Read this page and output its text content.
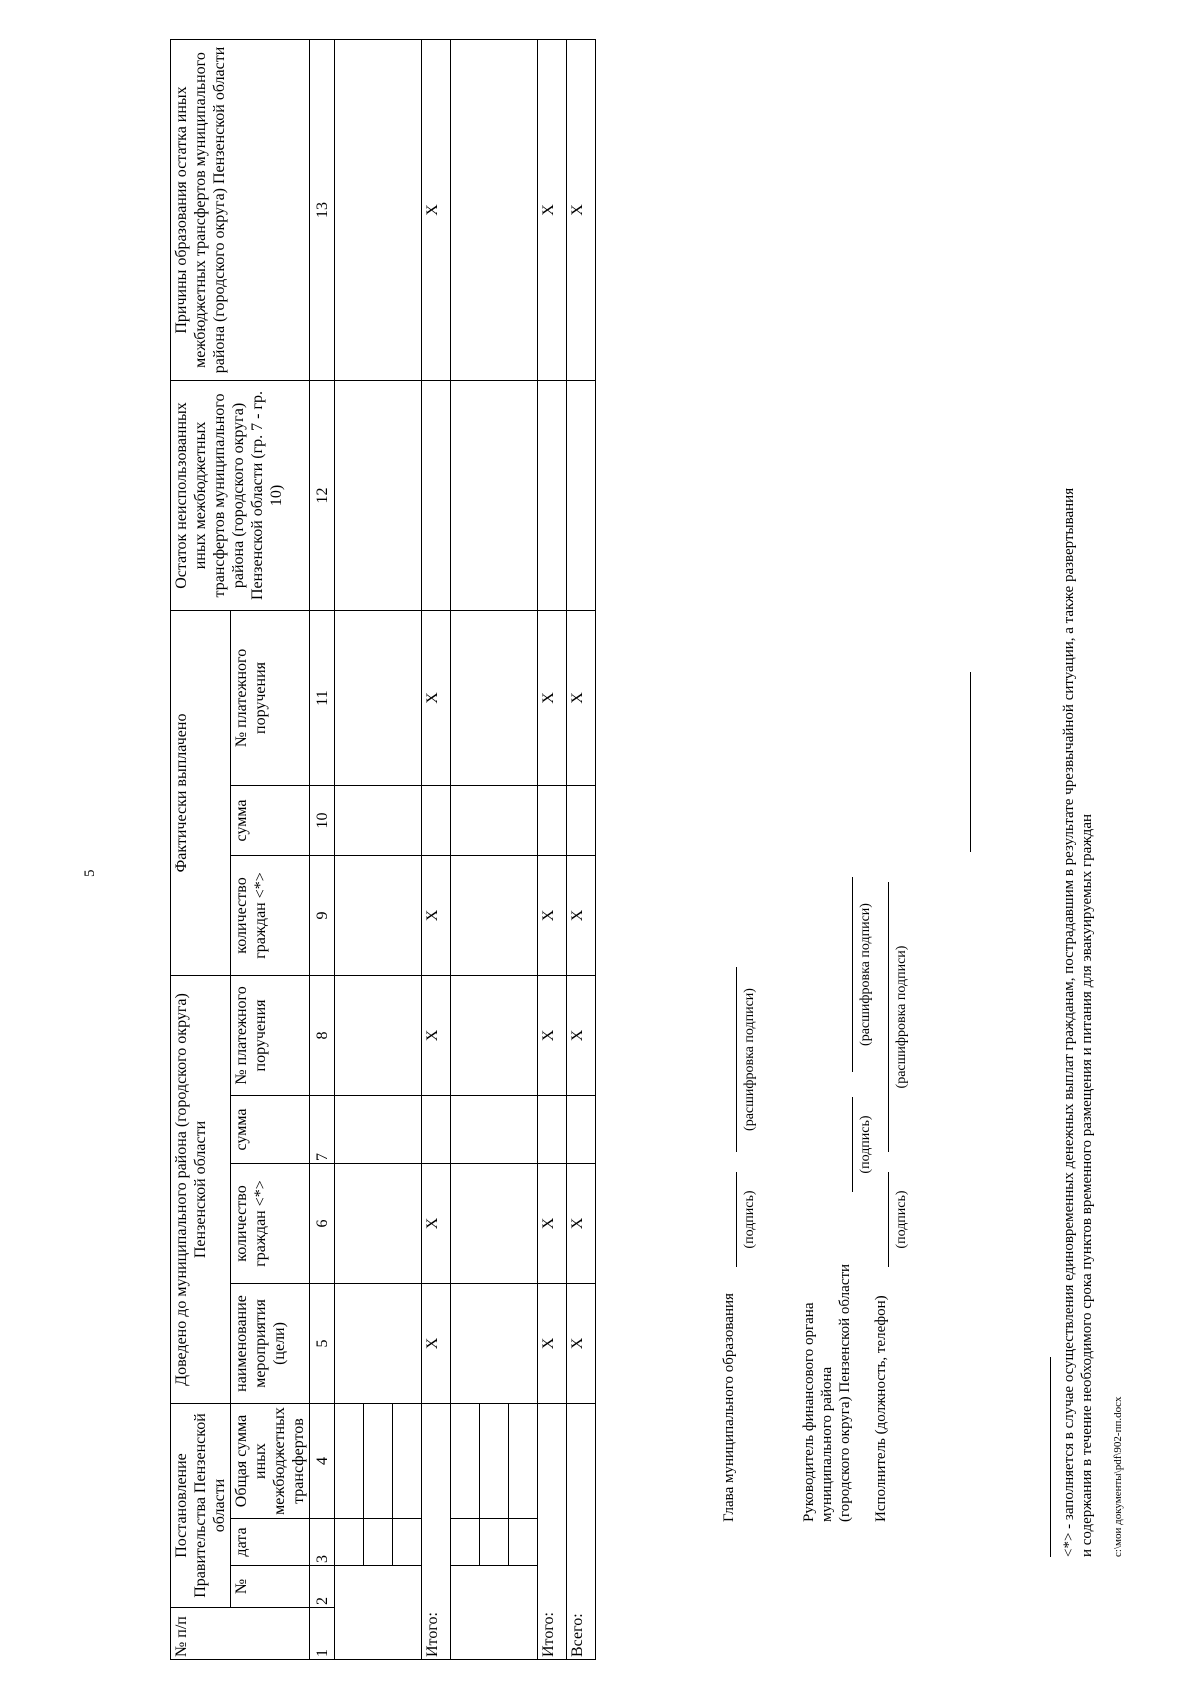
5
№ п/п	Постановление Правительства Пензенской области			Доведено до муниципального района (городского округа) Пензенской области				Фактически выплачено			Остаток неиспользованных иных межбюджетных трансфертов муниципального района (городского округа) Пензенской области (гр. 7 - гр. 10)	Причины образования остатка иных межбюджетных трансфертов муниципального района (городского округа) Пензенской области
	№	дата	Общая сумма иных межбюджетных трансфертов	наименование мероприятия (цели)	количество граждан <*>	сумма	№ платежного поручения	количество граждан <*>	сумма	№ платежного поручения		
1	2	3	4	5	6	7	8	9	10	11	12	13

Итого:				X	X		X	X		X		X

Итого:				X	X		X	X		X		X
Всего:				X	X		X	X		X		X
Глава муниципального образования
(подпись)
(расшифровка подписи)
Руководитель финансового органа муниципального района (городского округа) Пензенской области
(подпись)
(расшифровка подписи)
Исполнитель (должность, телефон)
(подпись)
(расшифровка подписи)	<*> - заполняется в случае осуществления единовременных денежных выплат гражданам, пострадавшим в результате чрезвычайной ситуации, а также развертывания и содержания в течение необходимого срока пунктов временного размещения и питания для эвакуируемых граждан c:\мои документы\pdf\902-пп.docx
